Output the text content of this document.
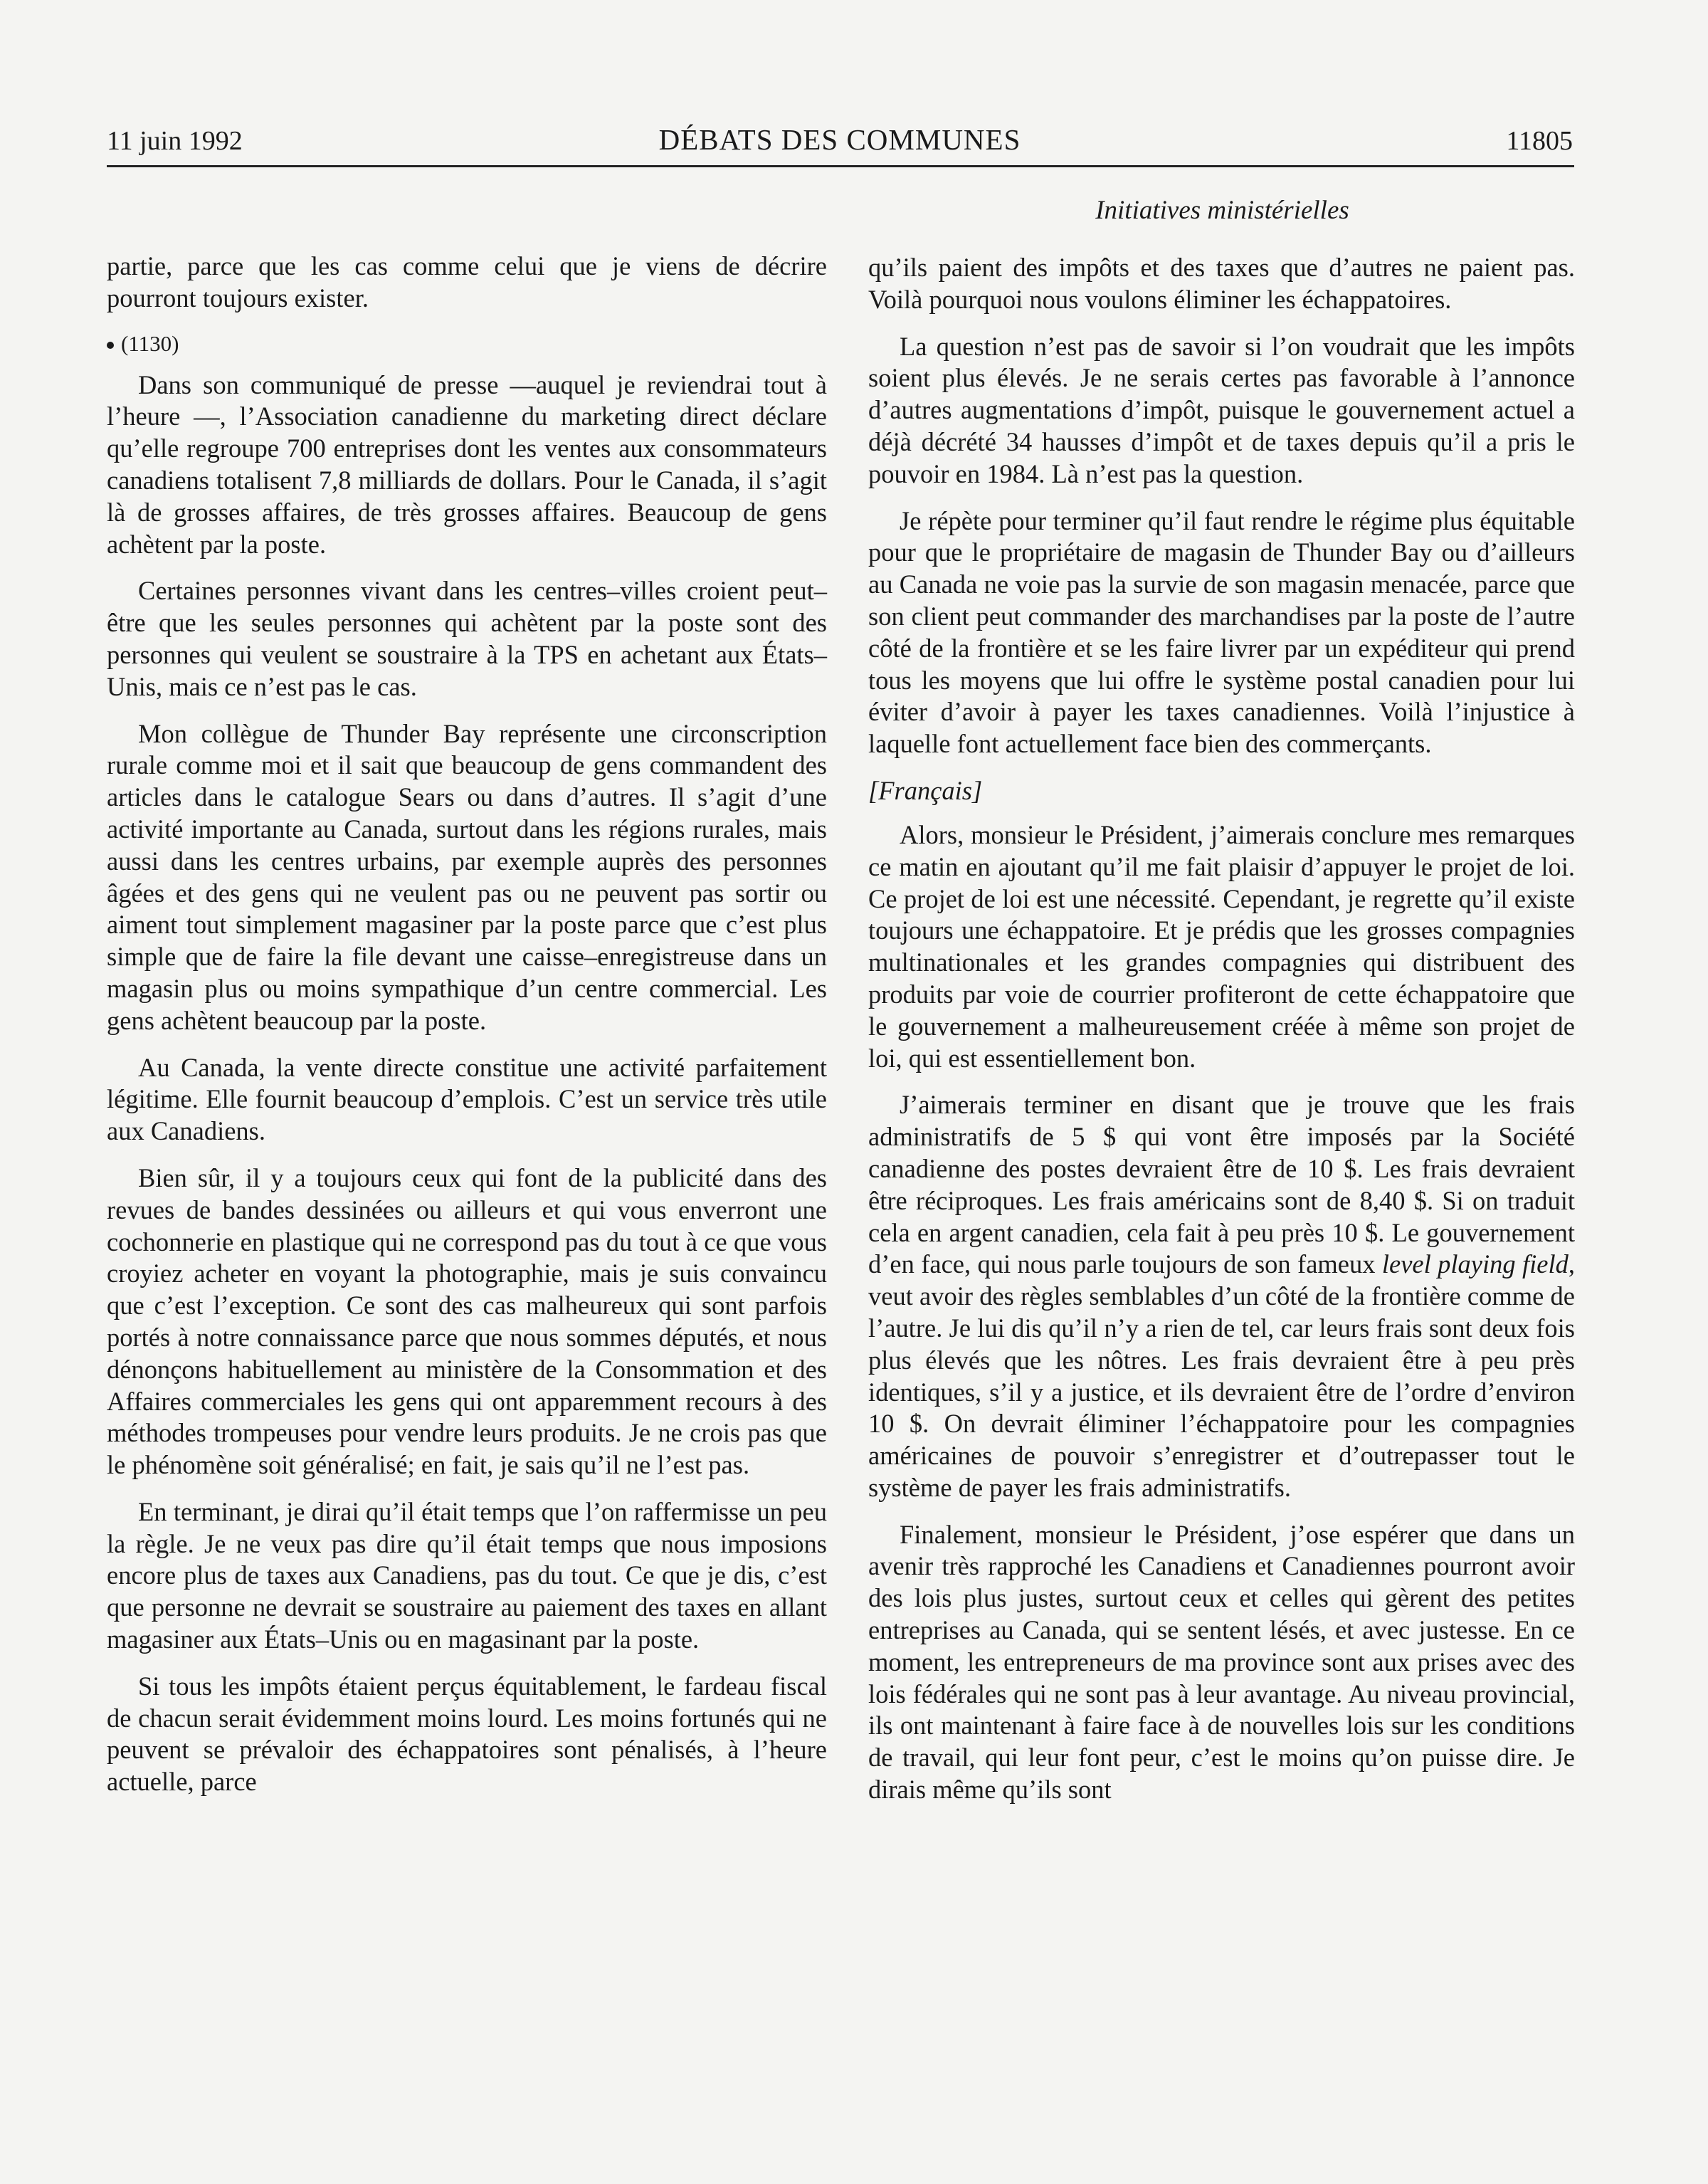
11 juin 1992	DÉBATS DES COMMUNES	11805
Initiatives ministérielles

partie, parce que les cas comme celui que je viens de décrire pourront toujours exister.

(1130)

Dans son communiqué de presse —auquel je reviendrai tout à l’heure —, l’Association canadienne du marketing direct déclare qu’elle regroupe 700 entreprises dont les ventes aux consommateurs canadiens totalisent 7,8 milliards de dollars. Pour le Canada, il s’agit là de grosses affaires, de très grosses affaires. Beaucoup de gens achètent par la poste.

Certaines personnes vivant dans les centres–villes croient peut–être que les seules personnes qui achètent par la poste sont des personnes qui veulent se soustraire à la TPS en achetant aux États–Unis, mais ce n’est pas le cas.

Mon collègue de Thunder Bay représente une circonscription rurale comme moi et il sait que beaucoup de gens commandent des articles dans le catalogue Sears ou dans d’autres. Il s’agit d’une activité importante au Canada, surtout dans les régions rurales, mais aussi dans les centres urbains, par exemple auprès des personnes âgées et des gens qui ne veulent pas ou ne peuvent pas sortir ou aiment tout simplement magasiner par la poste parce que c’est plus simple que de faire la file devant une caisse–enregistreuse dans un magasin plus ou moins sympathique d’un centre commercial. Les gens achètent beaucoup par la poste.

Au Canada, la vente directe constitue une activité parfaitement légitime. Elle fournit beaucoup d’emplois. C’est un service très utile aux Canadiens.

Bien sûr, il y a toujours ceux qui font de la publicité dans des revues de bandes dessinées ou ailleurs et qui vous enverront une cochonnerie en plastique qui ne correspond pas du tout à ce que vous croyiez acheter en voyant la photographie, mais je suis convaincu que c’est l’exception. Ce sont des cas malheureux qui sont parfois portés à notre connaissance parce que nous sommes députés, et nous dénonçons habituellement au ministère de la Consommation et des Affaires commerciales les gens qui ont apparemment recours à des méthodes trompeuses pour vendre leurs produits. Je ne crois pas que le phénomène soit généralisé; en fait, je sais qu’il ne l’est pas.

En terminant, je dirai qu’il était temps que l’on raffermisse un peu la règle. Je ne veux pas dire qu’il était temps que nous imposions encore plus de taxes aux Canadiens, pas du tout. Ce que je dis, c’est que personne ne devrait se soustraire au paiement des taxes en allant magasiner aux États–Unis ou en magasinant par la poste.

Si tous les impôts étaient perçus équitablement, le fardeau fiscal de chacun serait évidemment moins lourd. Les moins fortunés qui ne peuvent se prévaloir des échappatoires sont pénalisés, à l’heure actuelle, parce

qu’ils paient des impôts et des taxes que d’autres ne paient pas. Voilà pourquoi nous voulons éliminer les échappatoires.

La question n’est pas de savoir si l’on voudrait que les impôts soient plus élevés. Je ne serais certes pas favorable à l’annonce d’autres augmentations d’impôt, puisque le gouvernement actuel a déjà décrété 34 hausses d’impôt et de taxes depuis qu’il a pris le pouvoir en 1984. Là n’est pas la question.

Je répète pour terminer qu’il faut rendre le régime plus équitable pour que le propriétaire de magasin de Thunder Bay ou d’ailleurs au Canada ne voie pas la survie de son magasin menacée, parce que son client peut commander des marchandises par la poste de l’autre côté de la frontière et se les faire livrer par un expéditeur qui prend tous les moyens que lui offre le système postal canadien pour lui éviter d’avoir à payer les taxes canadiennes. Voilà l’injustice à laquelle font actuellement face bien des commerçants.

[Français]

Alors, monsieur le Président, j’aimerais conclure mes remarques ce matin en ajoutant qu’il me fait plaisir d’appuyer le projet de loi. Ce projet de loi est une nécessité. Cependant, je regrette qu’il existe toujours une échappatoire. Et je prédis que les grosses compagnies multinationales et les grandes compagnies qui distribuent des produits par voie de courrier profiteront de cette échappatoire que le gouvernement a malheureusement créée à même son projet de loi, qui est essentiellement bon.

J’aimerais terminer en disant que je trouve que les frais administratifs de 5 $ qui vont être imposés par la Société canadienne des postes devraient être de 10 $. Les frais devraient être réciproques. Les frais américains sont de 8,40 $. Si on traduit cela en argent canadien, cela fait à peu près 10 $. Le gouvernement d’en face, qui nous parle toujours de son fameux level playing field, veut avoir des règles semblables d’un côté de la frontière comme de l’autre. Je lui dis qu’il n’y a rien de tel, car leurs frais sont deux fois plus élevés que les nôtres. Les frais devraient être à peu près identiques, s’il y a justice, et ils devraient être de l’ordre d’environ 10 $. On devrait éliminer l’échappatoire pour les compagnies américaines de pouvoir s’enregistrer et d’outrepasser tout le système de payer les frais administratifs.

Finalement, monsieur le Président, j’ose espérer que dans un avenir très rapproché les Canadiens et Canadiennes pourront avoir des lois plus justes, surtout ceux et celles qui gèrent des petites entreprises au Canada, qui se sentent lésés, et avec justesse. En ce moment, les entrepreneurs de ma province sont aux prises avec des lois fédérales qui ne sont pas à leur avantage. Au niveau provincial, ils ont maintenant à faire face à de nouvelles lois sur les conditions de travail, qui leur font peur, c’est le moins qu’on puisse dire. Je dirais même qu’ils sont
